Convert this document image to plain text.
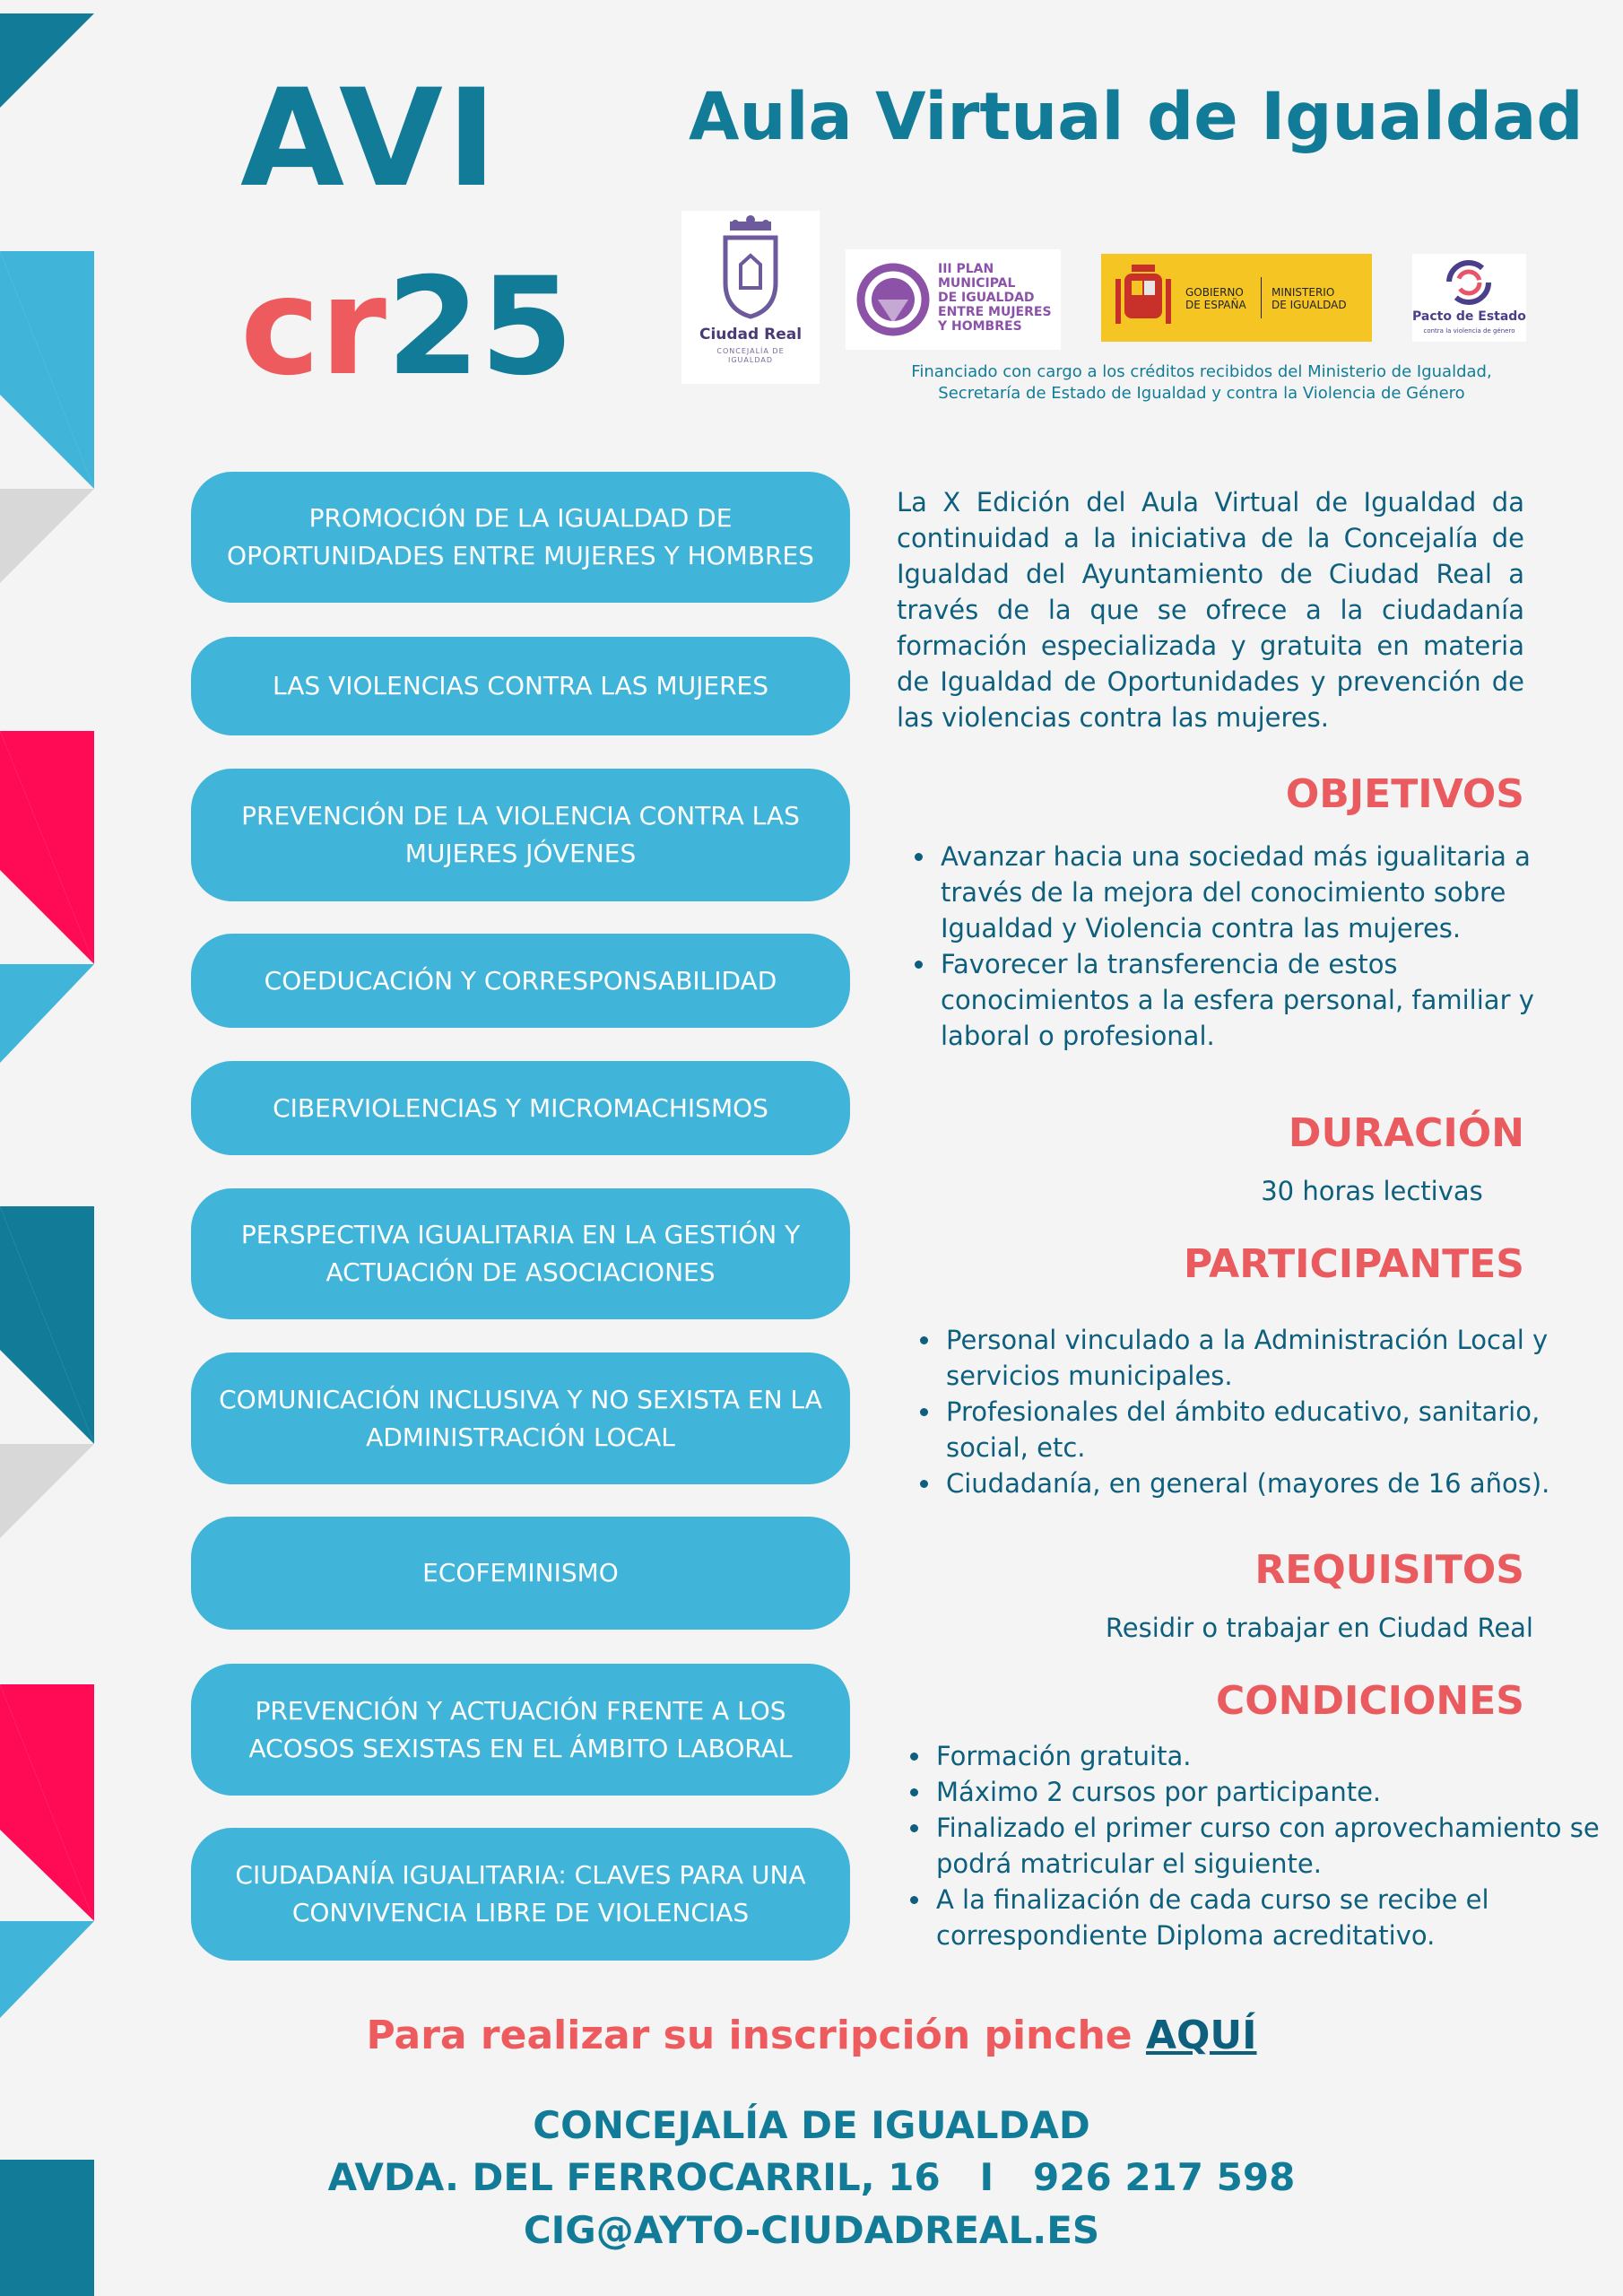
AVI
cr25
Aula Virtual de Igualdad
Ciudad Real
CONCEJALÍA DE IGUALDAD
III PLAN
MUNICIPAL
DE IGUALDAD
ENTRE MUJERES
Y HOMBRES
GOBIERNO DE ESPAÑA
MINISTERIO DE IGUALDAD
Pacto de Estado
contra la violencia de género
Financiado con cargo a los créditos recibidos del Ministerio de Igualdad,
Secretaría de Estado de Igualdad y contra la Violencia de Género
PROMOCIÓN DE LA IGUALDAD DE OPORTUNIDADES ENTRE MUJERES Y HOMBRES
LAS VIOLENCIAS CONTRA LAS MUJERES
PREVENCIÓN DE LA VIOLENCIA CONTRA LAS MUJERES JÓVENES
COEDUCACIÓN Y CORRESPONSABILIDAD
CIBERVIOLENCIAS Y MICROMACHISMOS
PERSPECTIVA IGUALITARIA EN LA GESTIÓN Y ACTUACIÓN DE ASOCIACIONES
COMUNICACIÓN INCLUSIVA Y NO SEXISTA EN LA ADMINISTRACIÓN LOCAL
ECOFEMINISMO
PREVENCIÓN Y ACTUACIÓN FRENTE A LOS ACOSOS SEXISTAS EN EL ÁMBITO LABORAL
CIUDADANÍA IGUALITARIA: CLAVES PARA UNA CONVIVENCIA LIBRE DE VIOLENCIAS
La X Edición del Aula Virtual de Igualdad da continuidad a la iniciativa de la Concejalía de Igualdad del Ayuntamiento de Ciudad Real a través de la que se ofrece a la ciudadanía formación especializada y gratuita en materia de Igualdad de Oportunidades y prevención de las violencias contra las mujeres.
OBJETIVOS
• Avanzar hacia una sociedad más igualitaria a través de la mejora del conocimiento sobre Igualdad y Violencia contra las mujeres.
• Favorecer la transferencia de estos conocimientos a la esfera personal, familiar y laboral o profesional.
DURACIÓN
30 horas lectivas
PARTICIPANTES
• Personal vinculado a la Administración Local y servicios municipales.
• Profesionales del ámbito educativo, sanitario, social, etc.
• Ciudadanía, en general (mayores de 16 años).
REQUISITOS
Residir o trabajar en Ciudad Real
CONDICIONES
• Formación gratuita.
• Máximo 2 cursos por participante.
• Finalizado el primer curso con aprovechamiento se podrá matricular el siguiente.
• A la finalización de cada curso se recibe el correspondiente Diploma acreditativo.
Para realizar su inscripción pinche AQUÍ
CONCEJALÍA DE IGUALDAD
AVDA. DEL FERROCARRIL, 16   I   926 217 598
CIG@AYTO-CIUDADREAL.ES
